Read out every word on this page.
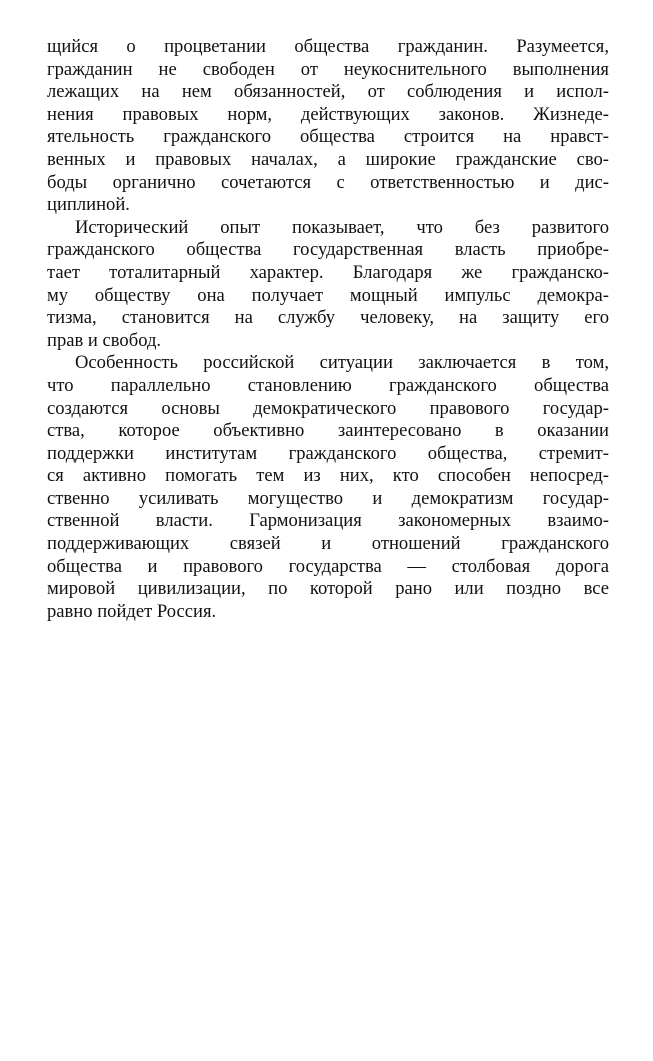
щийся о процветании общества гражданин. Разумеется,
гражданин не свободен от неукоснительного выполнения
лежащих на нем обязанностей, от соблюдения и испол-
нения правовых норм, действующих законов. Жизнеде-
ятельность гражданского общества строится на нравст-
венных и правовых началах, а широкие гражданские сво-
боды органично сочетаются с ответственностью и дис-
циплиной.
Исторический опыт показывает, что без развитого
гражданского общества государственная власть приобре-
тает тоталитарный характер. Благодаря же гражданско-
му обществу она получает мощный импульс демокра-
тизма, становится на службу человеку, на защиту его
прав и свобод.
Особенность российской ситуации заключается в том,
что параллельно становлению гражданского общества
создаются основы демократического правового государ-
ства, которое объективно заинтересовано в оказании
поддержки институтам гражданского общества, стремит-
ся активно помогать тем из них, кто способен непосред-
ственно усиливать могущество и демократизм государ-
ственной власти. Гармонизация закономерных взаимо-
поддерживающих связей и отношений гражданского
общества и правового государства — столбовая дорога
мировой цивилизации, по которой рано или поздно все
равно пойдет Россия.
